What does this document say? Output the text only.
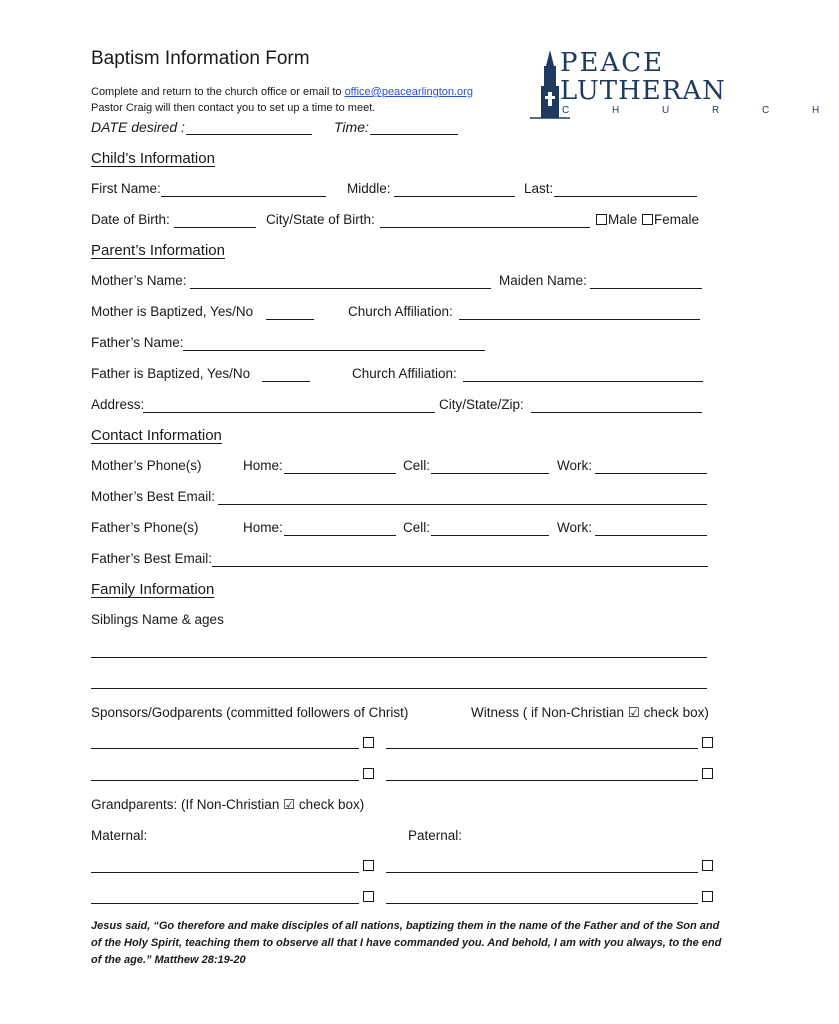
Baptism Information Form
Complete and return to the church office or email to office@peacearlington.org
Pastor Craig will then contact you to set up a time to meet.
DATE desired :	Time:
PEACE
LUTHERAN
C H U R C H
Child’s Information
First Name:	Middle:	Last:
Date of Birth:	City/State of Birth:	Male	Female
Parent’s Information
Mother’s Name:	Maiden Name:
Mother is Baptized, Yes/No	Church Affiliation:
Father’s Name:
Father is Baptized, Yes/No	Church Affiliation:
Address:	City/State/Zip:
Contact Information
Mother’s Phone(s)	Home:	Cell:	Work:
Mother’s Best Email:
Father’s Phone(s)	Home:	Cell:	Work:
Father’s Best Email:
Family Information
Siblings Name & ages
Sponsors/Godparents (committed followers of Christ)	Witness ( if Non-Christian ☑ check box)
Grandparents: (If Non-Christian ☑ check box)
Maternal:	Paternal:
Jesus said, “Go therefore and make disciples of all nations, baptizing them in the name of the Father and of the Son and of the Holy Spirit, teaching them to observe all that I have commanded you. And behold, I am with you always, to the end of the age.” Matthew 28:19-20
